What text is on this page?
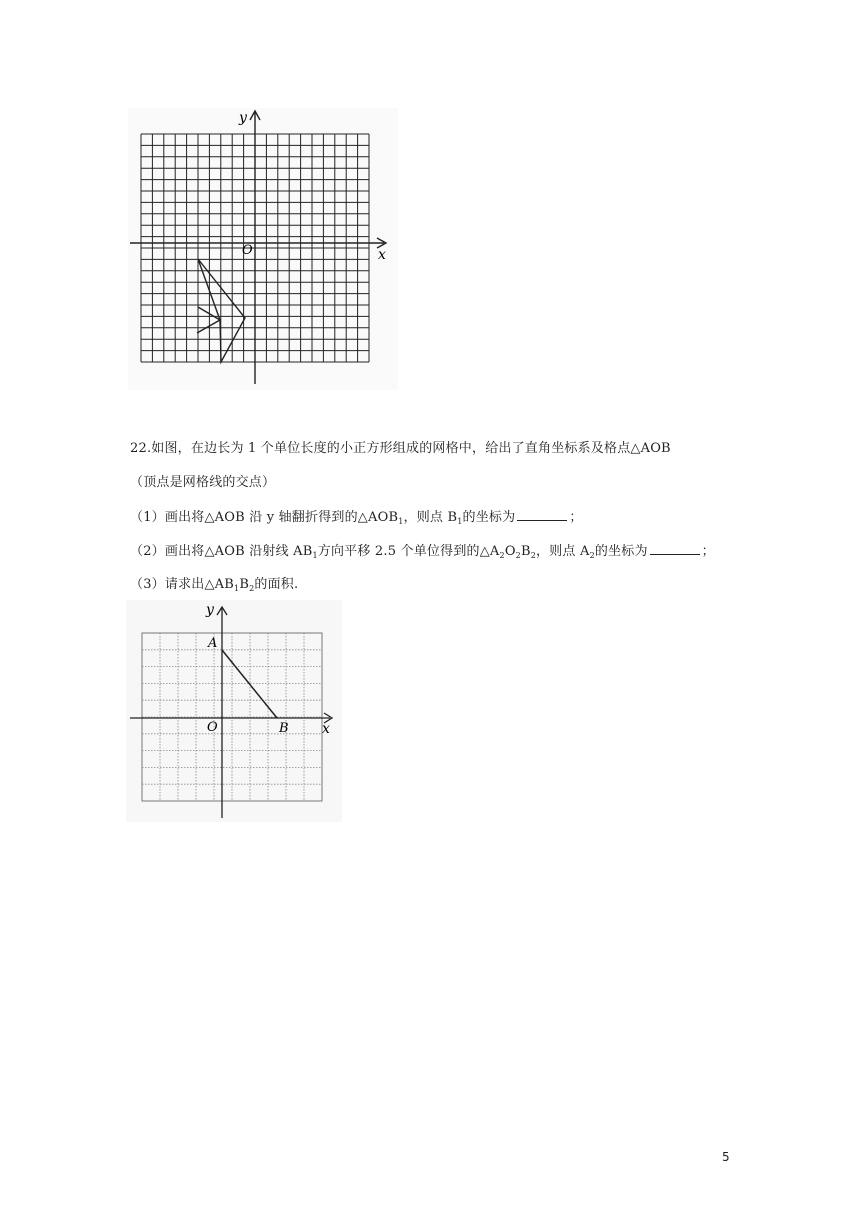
x
y
O
22.如图，在边长为 1 个单位长度的小正方形组成的网格中，给出了直角坐标系及格点△AOB
（顶点是网格线的交点）
（1）画出将△AOB 沿 y 轴翻折得到的$\triangle AOB_1$，则点 $B_1$的坐标为	；
（2）画出将△AOB 沿射线 $AB_1$方向平移 2.5 个单位得到的$\triangle A_2O_2B_2$，则点 $A_2$的坐标为	；
（3）请求出$\triangle AB_1B_2$的面积.
x
y
O
A
B
5
